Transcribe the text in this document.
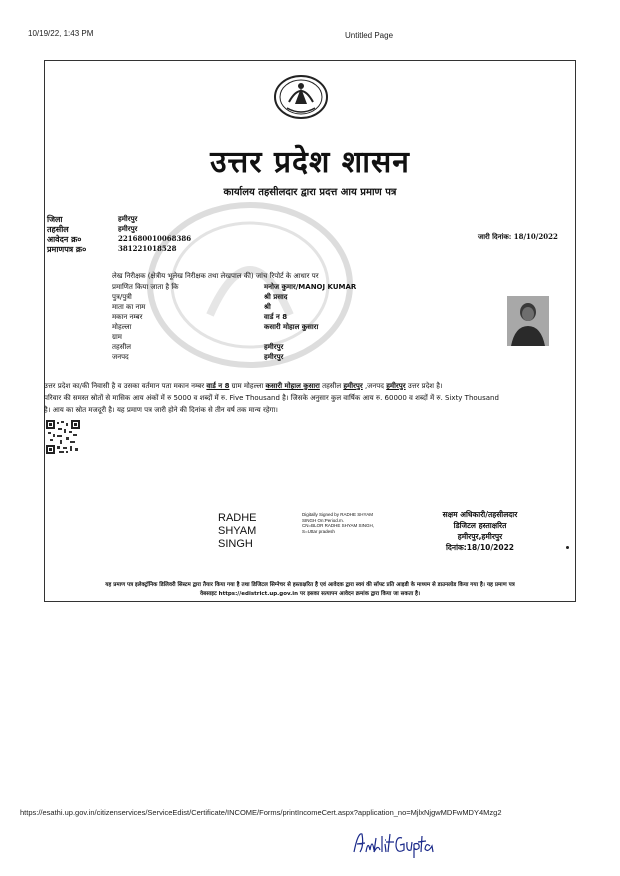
10/19/22, 1:43 PM	Untitled Page
उत्तर प्रदेश शासन
कार्यालय तहसीलदार द्वारा प्रदत्त आय प्रमाण पत्र
जिला	हमीरपुर
तहसील	हमीरपुर
आवेदन क्र०	221680010068386
प्रमाणपत्र क्र०	381221018528
जारी दिनांक: 18/10/2022
लेख निरीक्षक (क्षेत्रीय भूलेख निरीक्षक तथा लेखपाल की) जांच रिपोर्ट के आधार पर
प्रमाणित किया जाता है कि	मनोज कुमार/MANOJ KUMAR
पुत्र/पुत्री	श्री प्रसाद
माता का नाम	श्री
मकान नम्बर	वार्ड न 8
मोहल्ला	कसारी मोहाल कुसारा
ग्राम
तहसील	हमीरपुर
जनपद	हमीरपुर
उत्तर प्रदेश का/की निवासी है व उसका वर्तमान पता मकान नम्बर वार्ड न 8 ग्राम मोहल्ला कसारी मोहाल कुसारा तहसील हमीरपुर ,जनपद हमीरपुर उत्तर प्रदेश है।
परिवार की समस्त स्रोतों से मासिक आय अंकों में रु 5000 व शब्दों में रु. Five Thousand है। जिसके अनुसार कुल वार्षिक आय रु. 60000 व शब्दों में रु. Sixty Thousand
है। आय का स्रोत मजदूरी है। यह प्रमाण पत्र जारी होने की दिनांक से तीन वर्ष तक मान्य रहेगा।
RADHE
SHYAM
SINGH
Digitally Signed by RADHE SHYAM
SINGH On:Period.m.
CN=BLOR RADHE SHYAM SINGH,
S=Uttar pradesh
सक्षम अधिकारी/तहसीलदार
डिजिटल हस्ताक्षरित
हमीरपुर,हमीरपुर
दिनांक:18/10/2022
यह प्रमाण पत्र इलेक्ट्रॉनिक डिलिवरी सिस्टम द्वारा तैयार किया गया है तथा डिजिटल सिग्नेचर से हस्ताक्षरित है एवं आवेदक द्वारा स्वयं की सॉफ्ट प्रति आइडी के माध्यम से डाउनलोड किया गया है। यह प्रमाण पत्र
वेबसाइट https://edistrict.up.gov.in पर इसका सत्यापन आवेदन क्रमांक द्वारा किया जा सकता है।
https://esathi.up.gov.in/citizenservices/ServiceEdist/Certificate/INCOME/Forms/printIncomeCert.aspx?application_no=MjlxNjgwMDFwMDY4Mzg2
